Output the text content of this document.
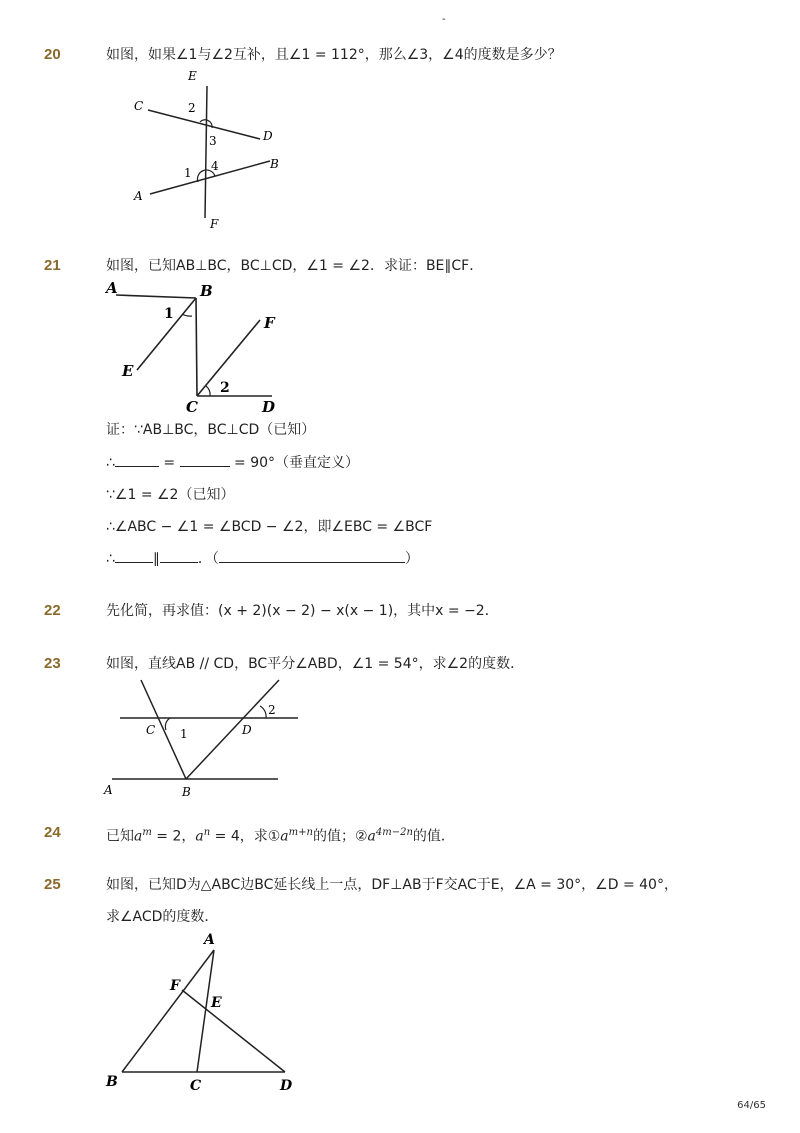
-
20	如图，如果∠1与∠2互补，且∠1 = 112°，那么∠3，∠4的度数是多少？
E
C
D
B
A
F
2
3
1 4
21	如图，已知AB⊥BC，BC⊥CD，∠1 = ∠2．求证：BE∥CF．
A	B
E
F
C	D
1
2
证：∵AB⊥BC，BC⊥CD（已知）
∴	=	= 90°（垂直定义）
∵∠1 = ∠2（已知）
∴∠ABC − ∠1 = ∠BCD − ∠2，即∠EBC = ∠BCF
∴	∥	．（	）
22	先化简，再求值：(x + 2)(x − 2) − x(x − 1)，其中x = −2．
23	如图，直线AB // CD，BC平分∠ABD，∠1 = 54°，求∠2的度数．
C	D
A	B
1
2
24	已知$a^m = 2$，$a^n = 4$，求$①a^{m+n}$的值；$②a^{4m-2n}$的值．
25	如图，已知D为△ABC边BC延长线上一点，DF⊥AB于F交AC于E，∠A = 30°，∠D = 40°，
求∠ACD的度数．
A
F
E
B	C	D
64/65
